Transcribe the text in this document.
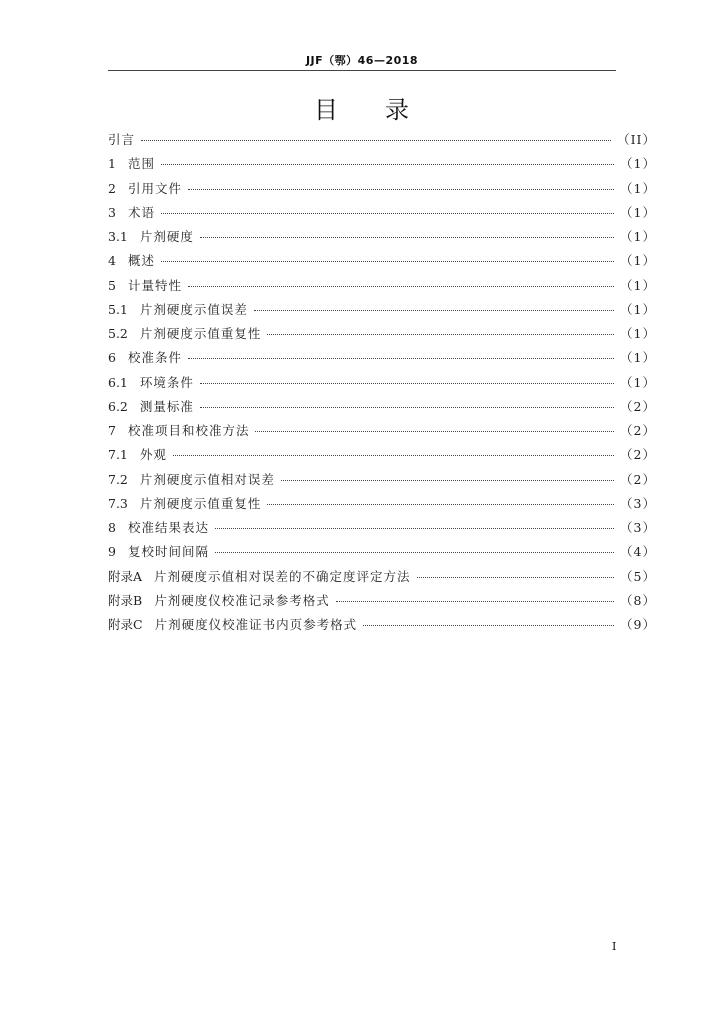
JJF（鄂）46—2018
目 录
引言	（II）
1 范围	（1）
2 引用文件	（1）
3 术语	（1）
3.1 片剂硬度	（1）
4 概述	（1）
5 计量特性	（1）
5.1 片剂硬度示值误差	（1）
5.2 片剂硬度示值重复性	（1）
6 校准条件	（1）
6.1 环境条件	（1）
6.2 测量标准	（2）
7 校准项目和校准方法	（2）
7.1 外观	（2）
7.2 片剂硬度示值相对误差	（2）
7.3 片剂硬度示值重复性	（3）
8 校准结果表达	（3）
9 复校时间间隔	（4）
附录A 片剂硬度示值相对误差的不确定度评定方法	（5）
附录B 片剂硬度仪校准记录参考格式	（8）
附录C 片剂硬度仪校准证书内页参考格式	（9）
I
